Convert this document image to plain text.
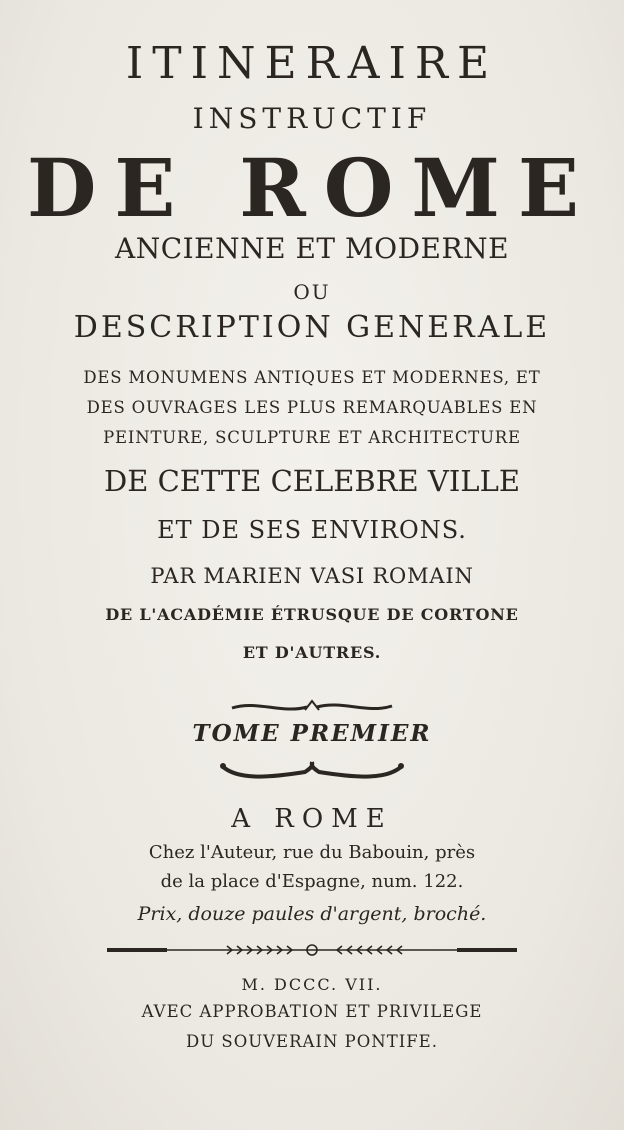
ITINERAIRE

INSTRUCTIF

DE ROME

ANCIENNE ET MODERNE

OU

DESCRIPTION GENERALE

DES MONUMENS ANTIQUES ET MODERNES, ET

DES OUVRAGES LES PLUS REMARQUABLES EN

PEINTURE, SCULPTURE ET ARCHITECTURE

DE CETTE CELEBRE VILLE

ET DE SES ENVIRONS.

PAR MARIEN VASI ROMAIN

DE L'ACADÉMIE ÉTRUSQUE DE CORTONE

ET D'AUTRES.

TOME PREMIER

A ROME

Chez l'Auteur, rue du Babouin, près

de la place d'Espagne, num. 122.

Prix, douze paules d'argent, broché.

M. DCCC. VII.

AVEC APPROBATION ET PRIVILEGE

DU SOUVERAIN PONTIFE.
